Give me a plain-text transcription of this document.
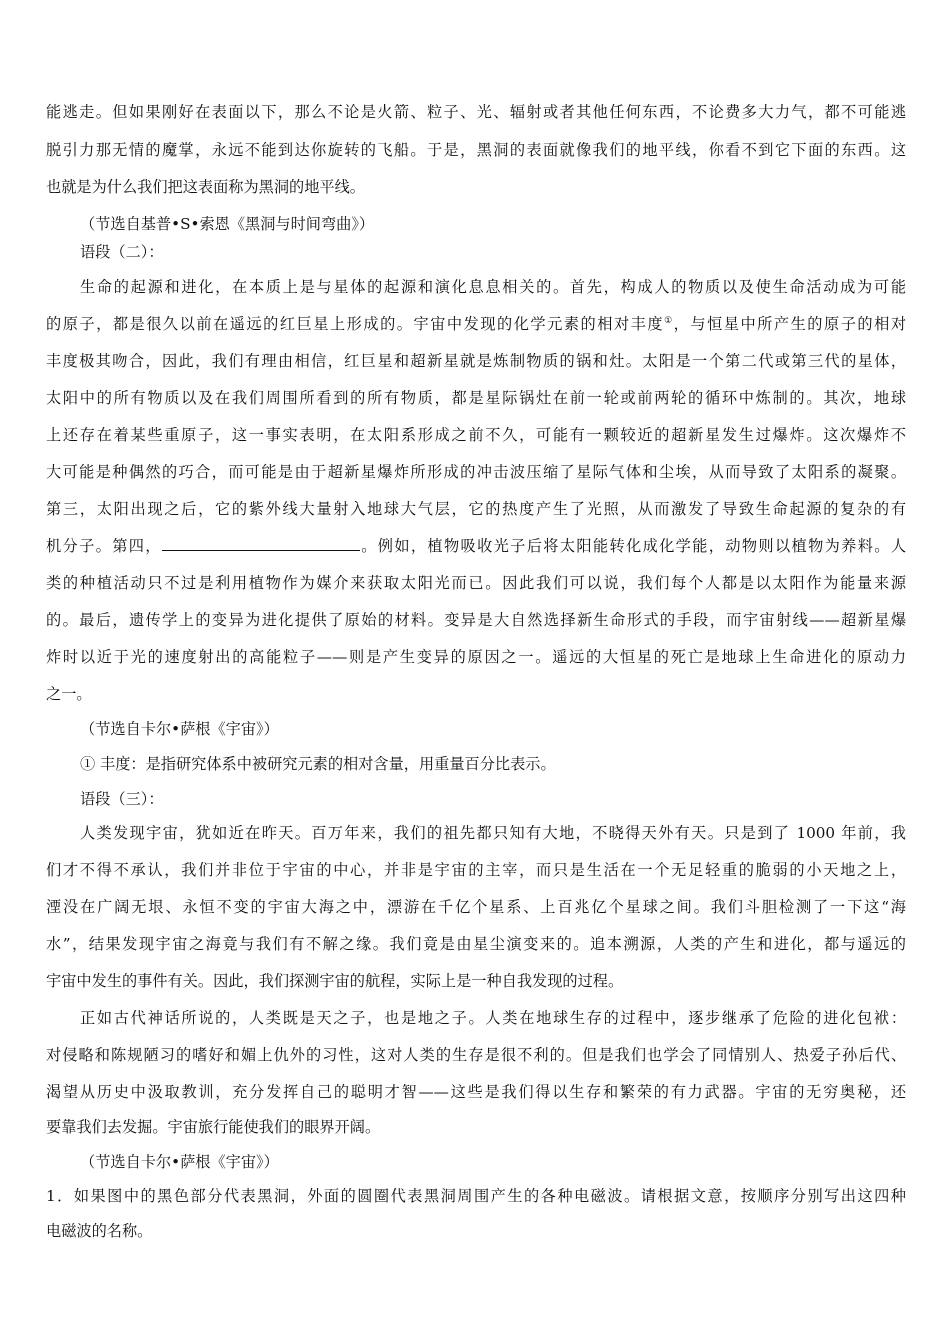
能逃走。但如果刚好在表面以下，那么不论是火箭、粒子、光、辐射或者其他任何东西，不论费多大力气，都不可能逃
脱引力那无情的魔掌，永远不能到达你旋转的飞船。于是，黑洞的表面就像我们的地平线，你看不到它下面的东西。这
也就是为什么我们把这表面称为黑洞的地平线。
（节选自基普•S•索恩《黑洞与时间弯曲》）
语段（二）：
生命的起源和进化，在本质上是与星体的起源和演化息息相关的。首先，构成人的物质以及使生命活动成为可能
的原子，都是很久以前在遥远的红巨星上形成的。宇宙中发现的化学元素的相对丰度①，与恒星中所产生的原子的相对
丰度极其吻合，因此，我们有理由相信，红巨星和超新星就是炼制物质的锅和灶。太阳是一个第二代或第三代的星体，
太阳中的所有物质以及在我们周围所看到的所有物质，都是星际锅灶在前一轮或前两轮的循环中炼制的。其次，地球
上还存在着某些重原子，这一事实表明，在太阳系形成之前不久，可能有一颗较近的超新星发生过爆炸。这次爆炸不
大可能是种偶然的巧合，而可能是由于超新星爆炸所形成的冲击波压缩了星际气体和尘埃，从而导致了太阳系的凝聚。
第三，太阳出现之后，它的紫外线大量射入地球大气层，它的热度产生了光照，从而激发了导致生命起源的复杂的有
机分子。第四，	。例如，植物吸收光子后将太阳能转化成化学能，动物则以植物为养料。人
类的种植活动只不过是利用植物作为媒介来获取太阳光而已。因此我们可以说，我们每个人都是以太阳作为能量来源
的。最后，遗传学上的变异为进化提供了原始的材料。变异是大自然选择新生命形式的手段，而宇宙射线——超新星爆
炸时以近于光的速度射出的高能粒子——则是产生变异的原因之一。遥远的大恒星的死亡是地球上生命进化的原动力
之一。
（节选自卡尔•萨根《宇宙》）
① 丰度：是指研究体系中被研究元素的相对含量，用重量百分比表示。
语段（三）：
人类发现宇宙，犹如近在昨天。百万年来，我们的祖先都只知有大地，不晓得天外有天。只是到了 1000 年前，我
们才不得不承认，我们并非位于宇宙的中心，并非是宇宙的主宰，而只是生活在一个无足轻重的脆弱的小天地之上，
湮没在广阔无垠、永恒不变的宇宙大海之中，漂游在千亿个星系、上百兆亿个星球之间。我们斗胆检测了一下这“海
水”，结果发现宇宙之海竟与我们有不解之缘。我们竟是由星尘演变来的。追本溯源，人类的产生和进化，都与遥远的
宇宙中发生的事件有关。因此，我们探测宇宙的航程，实际上是一种自我发现的过程。
正如古代神话所说的，人类既是天之子，也是地之子。人类在地球生存的过程中，逐步继承了危险的进化包袱：
对侵略和陈规陋习的嗜好和媚上仇外的习性，这对人类的生存是很不利的。但是我们也学会了同情别人、热爱子孙后代、
渴望从历史中汲取教训，充分发挥自己的聪明才智——这些是我们得以生存和繁荣的有力武器。宇宙的无穷奥秘，还
要靠我们去发掘。宇宙旅行能使我们的眼界开阔。
（节选自卡尔•萨根《宇宙》）
1．如果图中的黑色部分代表黑洞，外面的圆圈代表黑洞周围产生的各种电磁波。请根据文意，按顺序分别写出这四种
电磁波的名称。
